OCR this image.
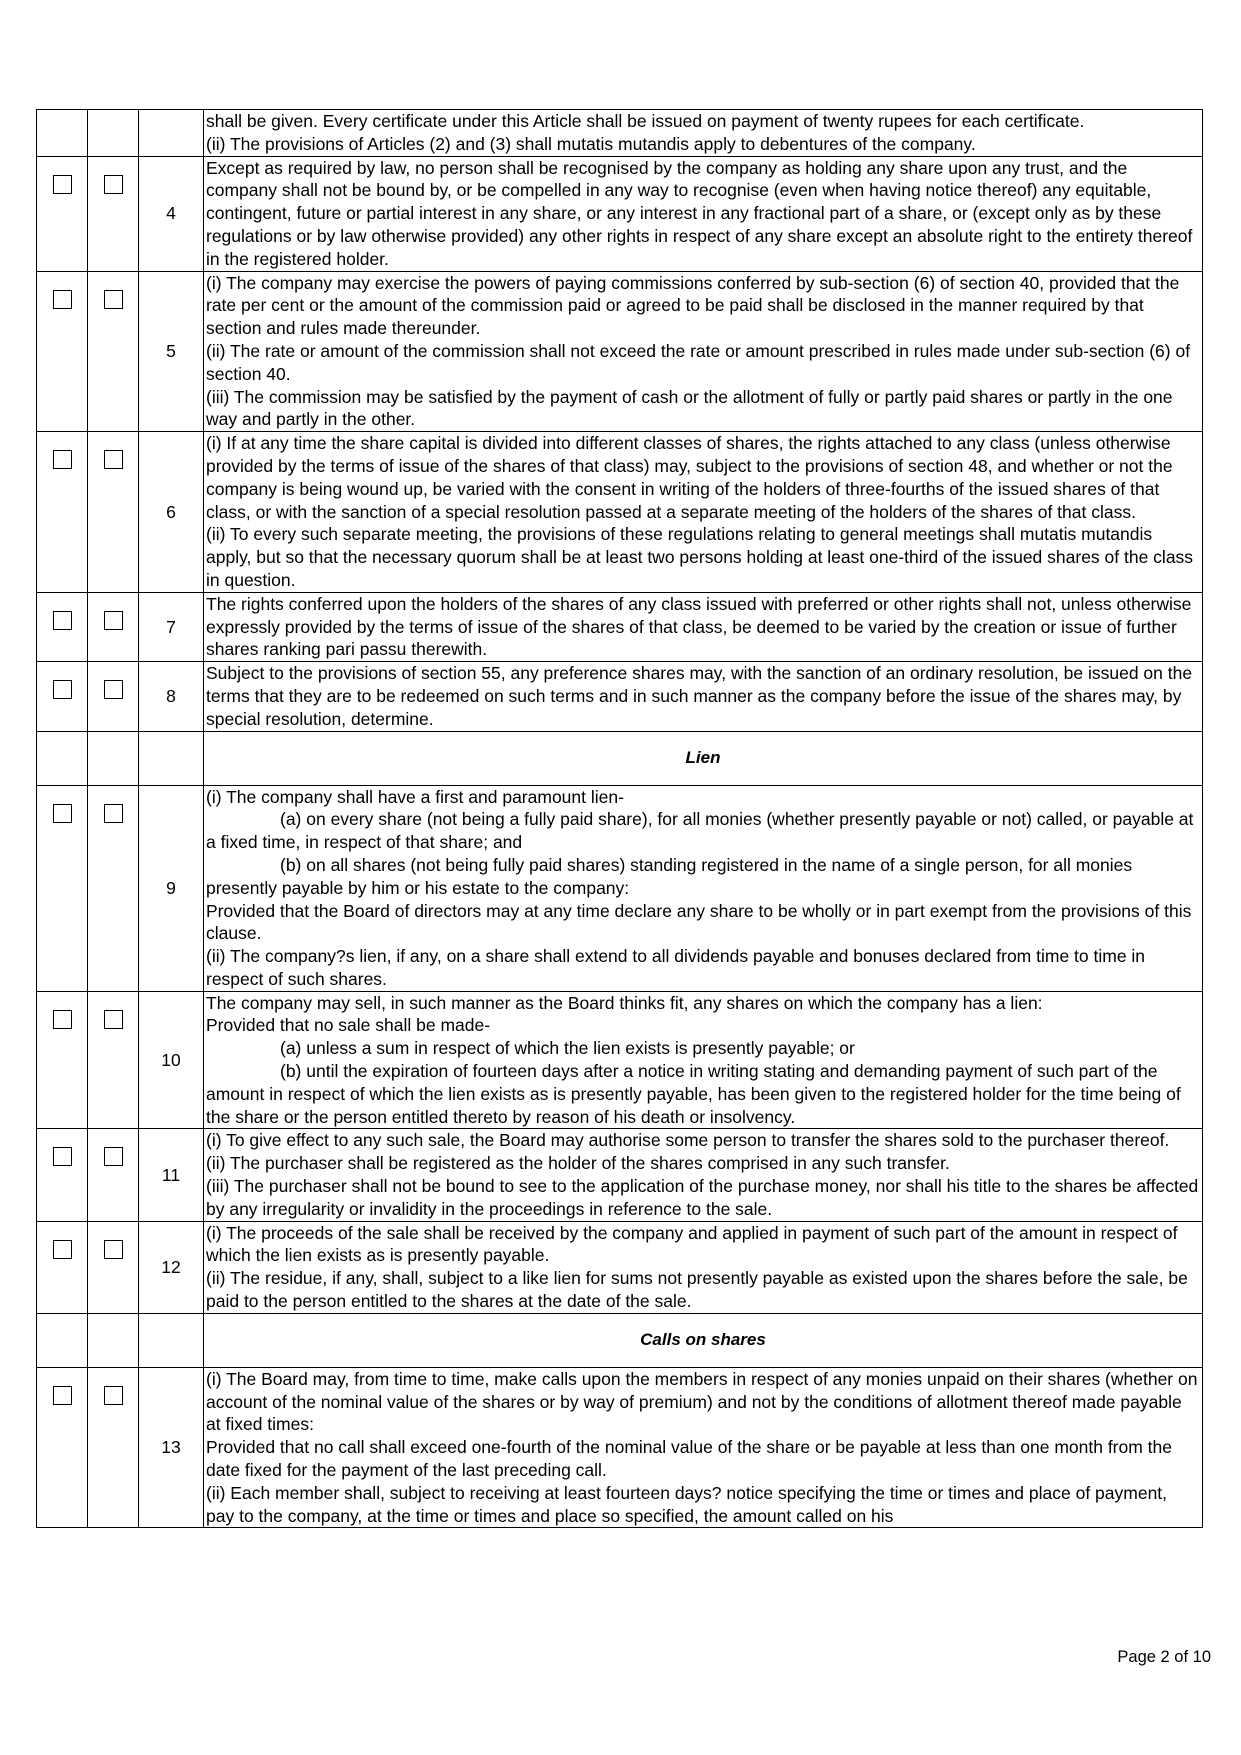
			shall be given. Every certificate under this Article shall be issued on payment of twenty rupees for each certificate.
(ii) The provisions of Articles (2) and (3) shall mutatis mutandis apply to debentures of the company.

		4	Except as required by law, no person shall be recognised by the company as holding any share upon any trust, and the company shall not be bound by, or be compelled in any way to recognise (even when having notice thereof) any equitable, contingent, future or partial interest in any share, or any interest in any fractional part of a share, or (except only as by these regulations or by law otherwise provided) any other rights in respect of any share except an absolute right to the entirety thereof in the registered holder.

		5	(i) The company may exercise the powers of paying commissions conferred by sub-section (6) of section 40, provided that the rate per cent or the amount of the commission paid or agreed to be paid shall be disclosed in the manner required by that section and rules made thereunder.
(ii) The rate or amount of the commission shall not exceed the rate or amount prescribed in rules made under sub-section (6) of section 40.
(iii) The commission may be satisfied by the payment of cash or the allotment of fully or partly paid shares or partly in the one way and partly in the other.

		6	(i) If at any time the share capital is divided into different classes of shares, the rights attached to any class (unless otherwise provided by the terms of issue of the shares of that class) may, subject to the provisions of section 48, and whether or not the company is being wound up, be varied with the consent in writing of the holders of three-fourths of the issued shares of that class, or with the sanction of a special resolution passed at a separate meeting of the holders of the shares of that class.
(ii) To every such separate meeting, the provisions of these regulations relating to general meetings shall mutatis mutandis apply, but so that the necessary quorum shall be at least two persons holding at least one-third of the issued shares of the class in question.

		7	The rights conferred upon the holders of the shares of any class issued with preferred or other rights shall not, unless otherwise expressly provided by the terms of issue of the shares of that class, be deemed to be varied by the creation or issue of further shares ranking pari passu therewith.

		8	Subject to the provisions of section 55, any preference shares may, with the sanction of an ordinary resolution, be issued on the terms that they are to be redeemed on such terms and in such manner as the company before the issue of the shares may, by special resolution, determine.

			Lien
		9	(i) The company shall have a first and paramount lien-
(a) on every share (not being a fully paid share), for all monies (whether presently payable or not) called, or payable at a fixed time, in respect of that share; and
(b) on all shares (not being fully paid shares) standing registered in the name of a single person, for all monies presently payable by him or his estate to the company:
Provided that the Board of directors may at any time declare any share to be wholly or in part exempt from the provisions of this clause.
(ii) The company?s lien, if any, on a share shall extend to all dividends payable and bonuses declared from time to time in respect of such shares.

		10	The company may sell, in such manner as the Board thinks fit, any shares on which the company has a lien:
Provided that no sale shall be made-
(a) unless a sum in respect of which the lien exists is presently payable; or
(b) until the expiration of fourteen days after a notice in writing stating and demanding payment of such part of the amount in respect of which the lien exists as is presently payable, has been given to the registered holder for the time being of the share or the person entitled thereto by reason of his death or insolvency.

		11	(i) To give effect to any such sale, the Board may authorise some person to transfer the shares sold to the purchaser thereof.
(ii) The purchaser shall be registered as the holder of the shares comprised in any such transfer.
(iii) The purchaser shall not be bound to see to the application of the purchase money, nor shall his title to the shares be affected by any irregularity or invalidity in the proceedings in reference to the sale.

		12	(i) The proceeds of the sale shall be received by the company and applied in payment of such part of the amount in respect of which the lien exists as is presently payable.
(ii) The residue, if any, shall, subject to a like lien for sums not presently payable as existed upon the shares before the sale, be paid to the person entitled to the shares at the date of the sale.

			Calls on shares
		13	(i) The Board may, from time to time, make calls upon the members in respect of any monies unpaid on their shares (whether on account of the nominal value of the shares or by way of premium) and not by the conditions of allotment thereof made payable at fixed times:
Provided that no call shall exceed one-fourth of the nominal value of the share or be payable at less than one month from the date fixed for the payment of the last preceding call.
(ii) Each member shall, subject to receiving at least fourteen days? notice specifying the time or times and place of payment, pay to the company, at the time or times and place so specified, the amount called on his
Page 2 of 10
